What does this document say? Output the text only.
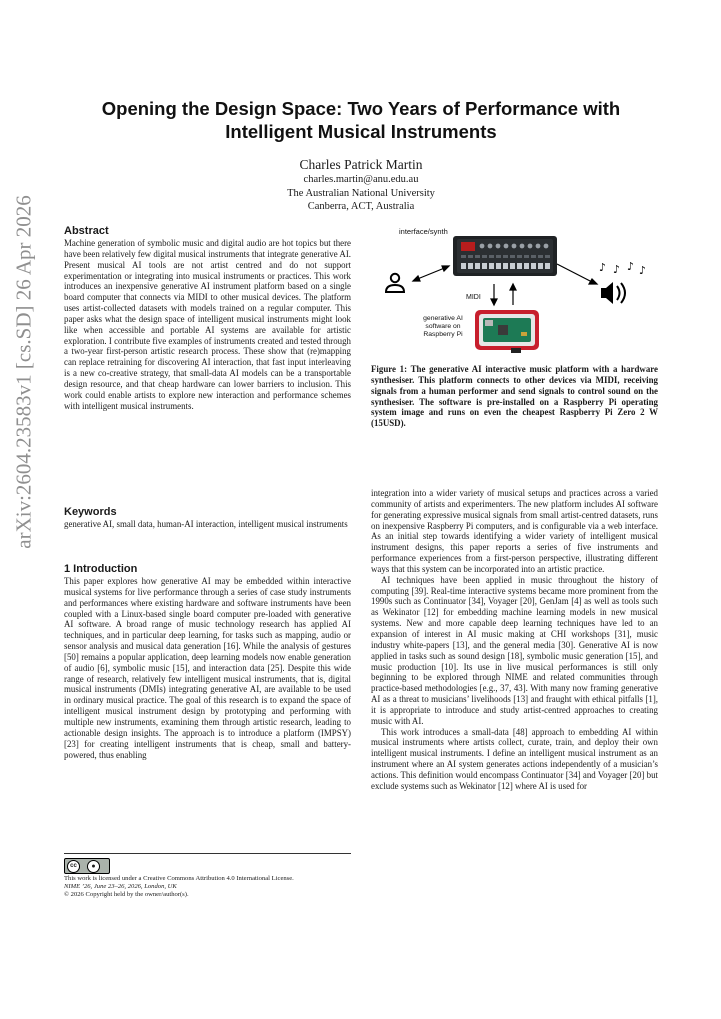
arXiv:2604.23583v1 [cs.SD] 26 Apr 2026
Opening the Design Space: Two Years of Performance with
Intelligent Musical Instruments
Charles Patrick Martin
charles.martin@anu.edu.au
The Australian National University
Canberra, ACT, Australia
Abstract

Machine generation of symbolic music and digital audio are hot topics but there have been relatively few digital musical instruments that integrate generative AI. Present musical AI tools are not artist centred and do not support experimentation or integrating into musical instruments or practices. This work introduces an inexpensive generative AI instrument platform based on a single board computer that connects via MIDI to other musical devices. The platform uses artist-collected datasets with models trained on a regular computer. This paper asks what the design space of intelligent musical instruments might look like when accessible and portable AI systems are available for artistic exploration. I contribute five examples of instruments created and tested through a two-year first-person artistic research process. These show that (re)mapping can replace retraining for discovering AI interaction, that fast input interleaving is a new co-creative strategy, that small-data AI models can be a transportable design resource, and that cheap hardware can lower barriers to inclusion. This work could enable artists to explore new interaction and performance schemes with intelligent musical instruments.

Keywords

generative AI, small data, human-AI interaction, intelligent musical instruments

1 Introduction

This paper explores how generative AI may be embedded within interactive musical systems for live performance through a series of case study instruments and performances where existing hardware and software instruments have been coupled with a Linux-based single board computer pre-loaded with generative AI software. A broad range of music technology research has applied AI techniques, and in particular deep learning, for tasks such as mapping, audio or sensor analysis and musical data generation [16]. While the analysis of gestures [50] remains a popular application, deep learning models now enable generation of audio [6], symbolic music [15], and interaction data [25]. Despite this wide range of research, relatively few intelligent musical instruments, that is, digital musical instruments (DMIs) integrating generative AI, are available to be used in ordinary musical practice. The goal of this research is to expand the space of intelligent musical instrument design by prototyping and performing with multiple new instruments, examining them through artistic research, leading to actionable design insights. The approach is to introduce a platform (IMPSY) [23] for creating intelligent instruments that is cheap, small and battery-powered, thus enabling

cc	●
This work is licensed under a Creative Commons Attribution 4.0 International License.
NIME ’26, June 23–26, 2026, London, UK
© 2026 Copyright held by the owner/author(s).
interface/synth
♪ ♪ ♪ ♪
MIDI
generative AI
software on
Raspberry Pi
Figure 1: The generative AI interactive music platform with a hardware synthesiser. This platform connects to other devices via MIDI, receiving signals from a human performer and send signals to control sound on the synthesiser. The software is pre-installed on a Raspberry Pi operating system image and runs on even the cheapest Raspberry Pi Zero 2 W (15USD).

integration into a wider variety of musical setups and practices across a varied community of artists and experimenters. The new platform includes AI software for generating expressive musical signals from small artist-centred datasets, runs on inexpensive Raspberry Pi computers, and is configurable via a web interface. As an initial step towards identifying a wider variety of intelligent musical instrument designs, this paper reports a series of five instruments and performance experiences from a first-person perspective, illustrating different ways that this system can be incorporated into an artistic practice.

AI techniques have been applied in music throughout the history of computing [39]. Real-time interactive systems became more prominent from the 1990s such as Continuator [34], Voyager [20], GenJam [4] as well as tools such as Wekinator [12] for embedding machine learning models in new musical systems. New and more capable deep learning techniques have led to an expansion of interest in AI music making at CHI workshops [31], music industry white-papers [13], and the general media [30]. Generative AI is now applied in tasks such as sound design [18], symbolic music generation [15], and music production [10]. Its use in live musical performances is still only beginning to be explored through NIME and related communities through practice-based methodologies [e.g., 37, 43]. With many now framing generative AI as a threat to musicians’ livelihoods [13] and fraught with ethical pitfalls [1], it is appropriate to introduce and study artist-centred approaches to creating music with AI.

This work introduces a small-data [48] approach to embedding AI within musical instruments where artists collect, curate, train, and deploy their own intelligent musical instruments. I define an intelligent musical instrument as an instrument where an AI system generates actions independently of a musician’s actions. This definition would encompass Continuator [34] and Voyager [20] but exclude systems such as Wekinator [12] where AI is used for
